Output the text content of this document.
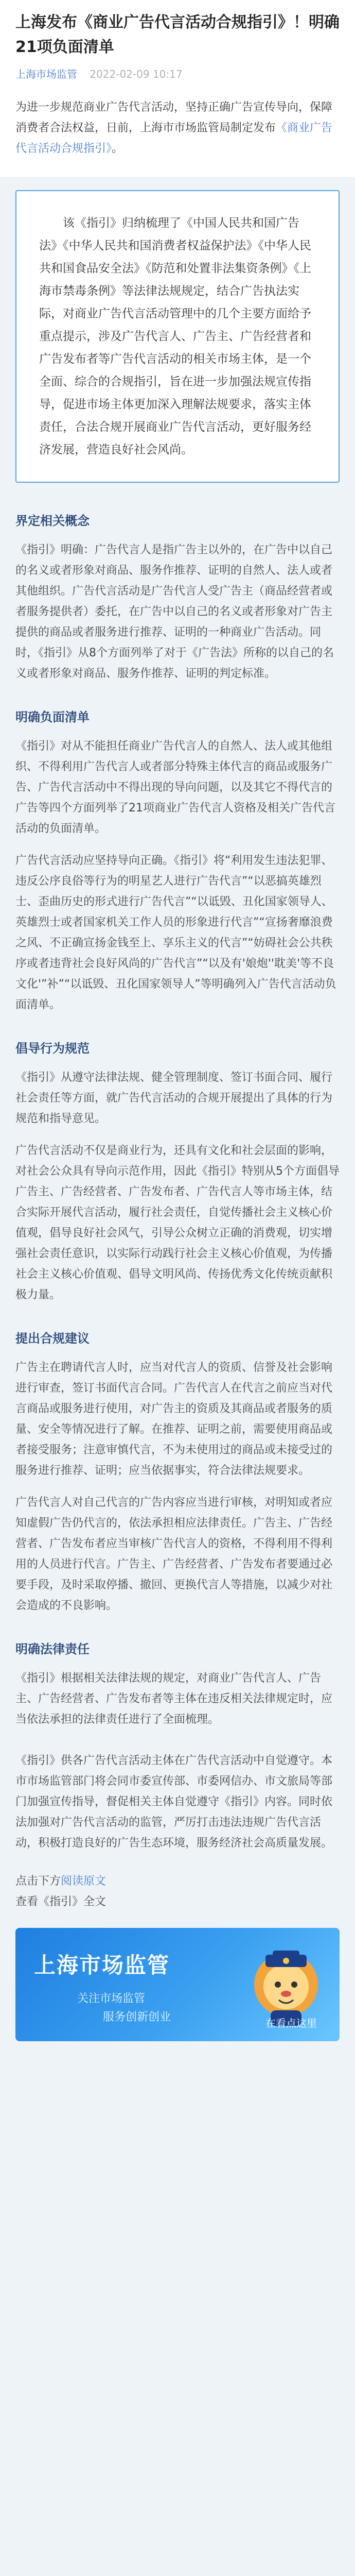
上海发布《商业广告代言活动合规指引》！明确21项负面清单
上海市场监管 2022-02-09 10:17
为进一步规范商业广告代言活动，坚持正确广告宣传导向，保障消费者合法权益，日前，上海市市场监管局制定发布《商业广告代言活动合规指引》。
该《指引》归纳梳理了《中国人民共和国广告法》《中华人民共和国消费者权益保护法》《中华人民共和国食品安全法》《防范和处置非法集资条例》《上海市禁毒条例》等法律法规规定，结合广告执法实际，对商业广告代言活动管理中的几个主要方面给予重点提示，涉及广告代言人、广告主、广告经营者和广告发布者等广告代言活动的相关市场主体，是一个全面、综合的合规指引，旨在进一步加强法规宣传指导，促进市场主体更加深入理解法规要求，落实主体责任，合法合规开展商业广告代言活动，更好服务经济发展，营造良好社会风尚。
界定相关概念

《指引》明确：广告代言人是指广告主以外的，在广告中以自己的名义或者形象对商品、服务作推荐、证明的自然人、法人或者其他组织。广告代言活动是广告代言人受广告主（商品经营者或者服务提供者）委托，在广告中以自己的名义或者形象对广告主提供的商品或者服务进行推荐、证明的一种商业广告活动。同时，《指引》从8个方面列举了对于《广告法》所称的以自己的名义或者形象对商品、服务作推荐、证明的判定标准。

明确负面清单

《指引》对从不能担任商业广告代言人的自然人、法人或其他组织、不得利用广告代言人或者部分特殊主体代言的商品或服务广告、广告代言活动中不得出现的导向问题，以及其它不得代言的广告等四个方面列举了21项商业广告代言人资格及相关广告代言活动的负面清单。

广告代言活动应坚持导向正确。《指引》将“利用发生违法犯罪、违反公序良俗等行为的明星艺人进行广告代言”“以恶搞英雄烈士、歪曲历史的形式进行广告代言”“以诋毁、丑化国家领导人、英雄烈士或者国家机关工作人员的形象进行代言”“宣扬奢靡浪费之风、不正确宣扬金钱至上、享乐主义的代言”“妨碍社会公共秩序或者违背社会良好风尚的广告代言”“以及有'娘炮''耽美'等不良文化'”补”“以诋毁、丑化国家领导人”等明确列入广告代言活动负面清单。

倡导行为规范

《指引》从遵守法律法规、健全管理制度、签订书面合同、履行社会责任等方面，就广告代言活动的合规开展提出了具体的行为规范和指导意见。

广告代言活动不仅是商业行为，还具有文化和社会层面的影响，对社会公众具有导向示范作用，因此《指引》特别从5个方面倡导广告主、广告经营者、广告发布者、广告代言人等市场主体，结合实际开展代言活动，履行社会责任，自觉传播社会主义核心价值观，倡导良好社会风气，引导公众树立正确的消费观，切实增强社会责任意识，以实际行动践行社会主义核心价值观，为传播社会主义核心价值观、倡导文明风尚、传扬优秀文化传统贡献积极力量。

提出合规建议

广告主在聘请代言人时，应当对代言人的资质、信誉及社会影响进行审查，签订书面代言合同。广告代言人在代言之前应当对代言商品或服务进行使用，对广告主的资质及其商品或者服务的质量、安全等情况进行了解。在推荐、证明之前，需要使用商品或者接受服务；注意审慎代言，不为未使用过的商品或未接受过的服务进行推荐、证明；应当依据事实，符合法律法规要求。

广告代言人对自己代言的广告内容应当进行审核，对明知或者应知虚假广告仍代言的，依法承担相应法律责任。广告主、广告经营者、广告发布者应当审核广告代言人的资格，不得利用不得利用的人员进行代言。广告主、广告经营者、广告发布者要通过必要手段，及时采取停播、撤回、更换代言人等措施，以减少对社会造成的不良影响。

明确法律责任

《指引》根据相关法律法规的规定，对商业广告代言人、广告主、广告经营者、广告发布者等主体在违反相关法律规定时，应当依法承担的法律责任进行了全面梳理。

《指引》供各广告代言活动主体在广告代言活动中自觉遵守。本市市场监管部门将会同市委宣传部、市委网信办、市文旅局等部门加强宣传指导，督促相关主体自觉遵守《指引》内容。同时依法加强对广告代言活动的监管，严厉打击违法违规广告代言活动，积极打造良好的广告生态环境，服务经济社会高质量发展。

点击下方阅读原文
查看《指引》全文
上海市场监管
关注市场监管
服务创新创业	在看点这里
